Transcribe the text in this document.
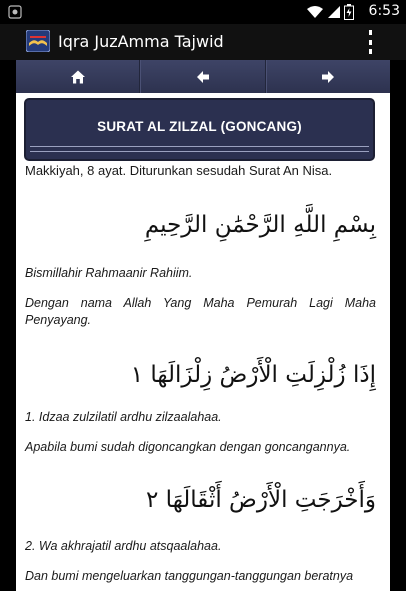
6:53
Iqra JuzAmma Tajwid
SURAT AL ZILZAL (GONCANG)

Makkiyah, 8 ayat. Diturunkan sesudah Surat An Nisa.

بِسْمِ اللَّهِ الرَّحْمَٰنِ الرَّحِيمِ

Bismillahir Rahmaanir Rahiim.

Dengan nama Allah Yang Maha Pemurah Lagi Maha Penyayang.

إِذَا زُلْزِلَتِ الْأَرْضُ زِلْزَالَهَا ١

1. Idzaa zulzilatil ardhu zilzaalahaa.

Apabila bumi sudah digoncangkan dengan goncangannya.

وَأَخْرَجَتِ الْأَرْضُ أَثْقَالَهَا ٢

2. Wa akhrajatil ardhu atsqaalahaa.

Dan bumi mengeluarkan tanggungan-tanggungan beratnya
